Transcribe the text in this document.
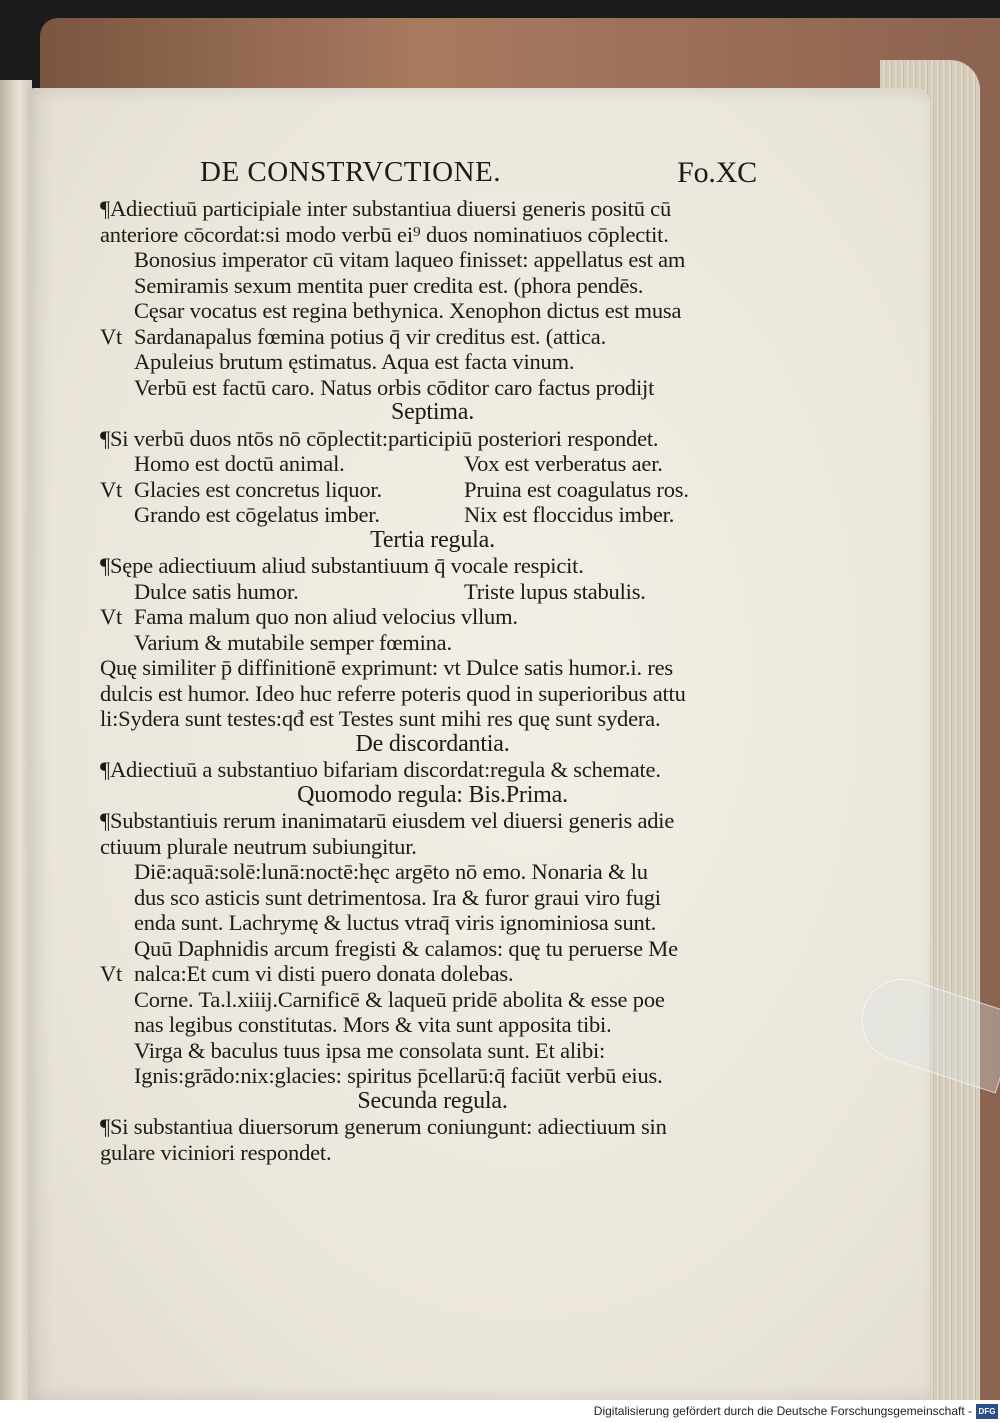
DE CONSTRVCTIONE.	Fo.XC
¶Adiectiuū participiale inter substantiua diuersi generis positū cū
anteriore cōcordat:si modo verbū ei⁹ duos nominatiuos cōplectit.
Bonosius imperator cū vitam laqueo finisset: appellatus est am
Semiramis sexum mentita puer credita est. (phora pendēs.
Cęsar vocatus est regina bethynica. Xenophon dictus est musa
Vt Sardanapalus fœmina potius q̄ vir creditus est. (attica.
Apuleius brutum ęstimatus. Aqua est facta vinum.
Verbū est factū caro. Natus orbis cōditor caro factus prodijt
Septima.
¶Si verbū duos ntōs nō cōplectit:participiū posteriori respondet.
Homo est doctū animal.	Vox est verberatus aer.
Vt Glacies est concretus liquor.	Pruina est coagulatus ros.
Grando est cōgelatus imber.	Nix est floccidus imber.
Tertia regula.
¶Sępe adiectiuum aliud substantiuum q̄ vocale respicit.
Dulce satis humor.	Triste lupus stabulis.
Vt Fama malum quo non aliud velocius vllum.
Varium & mutabile semper fœmina.
Quę similiter p̄ diffinitionē exprimunt: vt Dulce satis humor.i. res
dulcis est humor. Ideo huc referre poteris quod in superioribus attu
li:Sydera sunt testes:qđ est Testes sunt mihi res quę sunt sydera.
De discordantia.
¶Adiectiuū a substantiuo bifariam discordat:regula & schemate.
Quomodo regula: Bis.Prima.
¶Substantiuis rerum inanimatarū eiusdem vel diuersi generis adie
ctiuum plurale neutrum subiungitur.
Diē:aquā:solē:lunā:noctē:hęc argēto nō emo. Nonaria & lu
dus sco asticis sunt detrimentosa. Ira & furor graui viro fugi
enda sunt. Lachrymę & luctus vtraq̄ viris ignominiosa sunt.
Quū Daphnidis arcum fregisti & calamos: quę tu peruerse Me
Vt nalca:Et cum vi disti puero donata dolebas.
Corne. Ta.l.xiiij.Carnificē & laqueū pridē abolita & esse poe
nas legibus constitutas. Mors & vita sunt apposita tibi.
Virga & baculus tuus ipsa me consolata sunt. Et alibi:
Ignis:grādo:nix:glacies: spiritus p̄cellarū:q̄ faciūt verbū eius.
Secunda regula.
¶Si substantiua diuersorum generum coniungunt: adiectiuum sin
gulare viciniori respondet.
Digitalisierung gefördert durch die Deutsche Forschungsgemeinschaft - DFG
